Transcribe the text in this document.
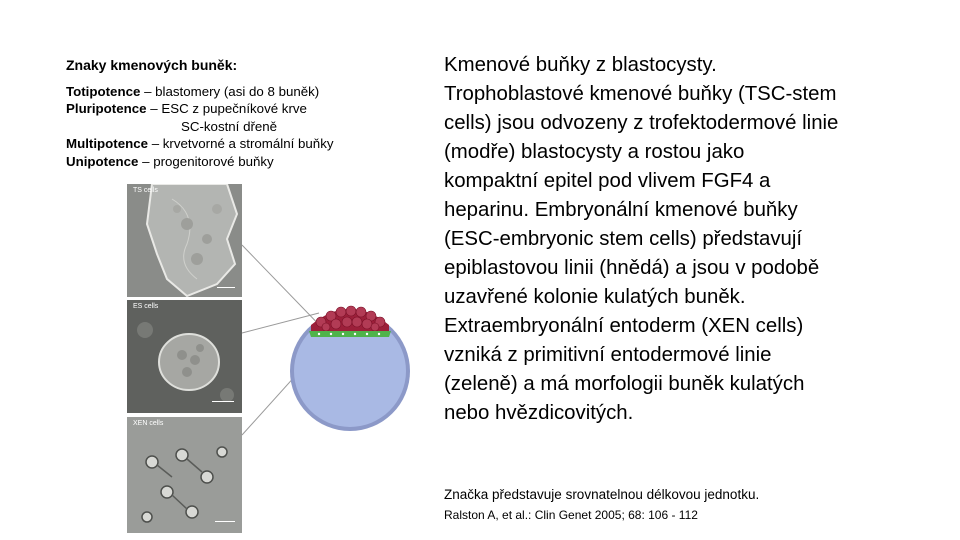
Znaky kmenových buněk:
Totipotence – blastomery (asi do 8 buněk)
Pluripotence – ESC z pupečníkové krve
SC-kostní dřeně
Multipotence – krvetvorné a stromální buňky
Unipotence – progenitorové buňky
TS cells
ES cells
XEN cells
Kmenové buňky z blastocysty. Trophoblastové kmenové buňky (TSC-stem cells) jsou odvozeny z trofektodermové linie (modře) blastocysty a rostou jako kompaktní epitel pod vlivem FGF4 a heparinu. Embryonální kmenové buňky (ESC-embryonic stem cells) představují epiblastovou linii (hnědá) a jsou v podobě uzavřené kolonie kulatých buněk. Extraembryonální entoderm (XEN cells) vzniká z primitivní entodermové linie (zeleně) a má morfologii buněk kulatých nebo hvězdicovitých.
Značka představuje srovnatelnou délkovou jednotku.
Ralston A, et al.: Clin Genet 2005; 68: 106 - 112
